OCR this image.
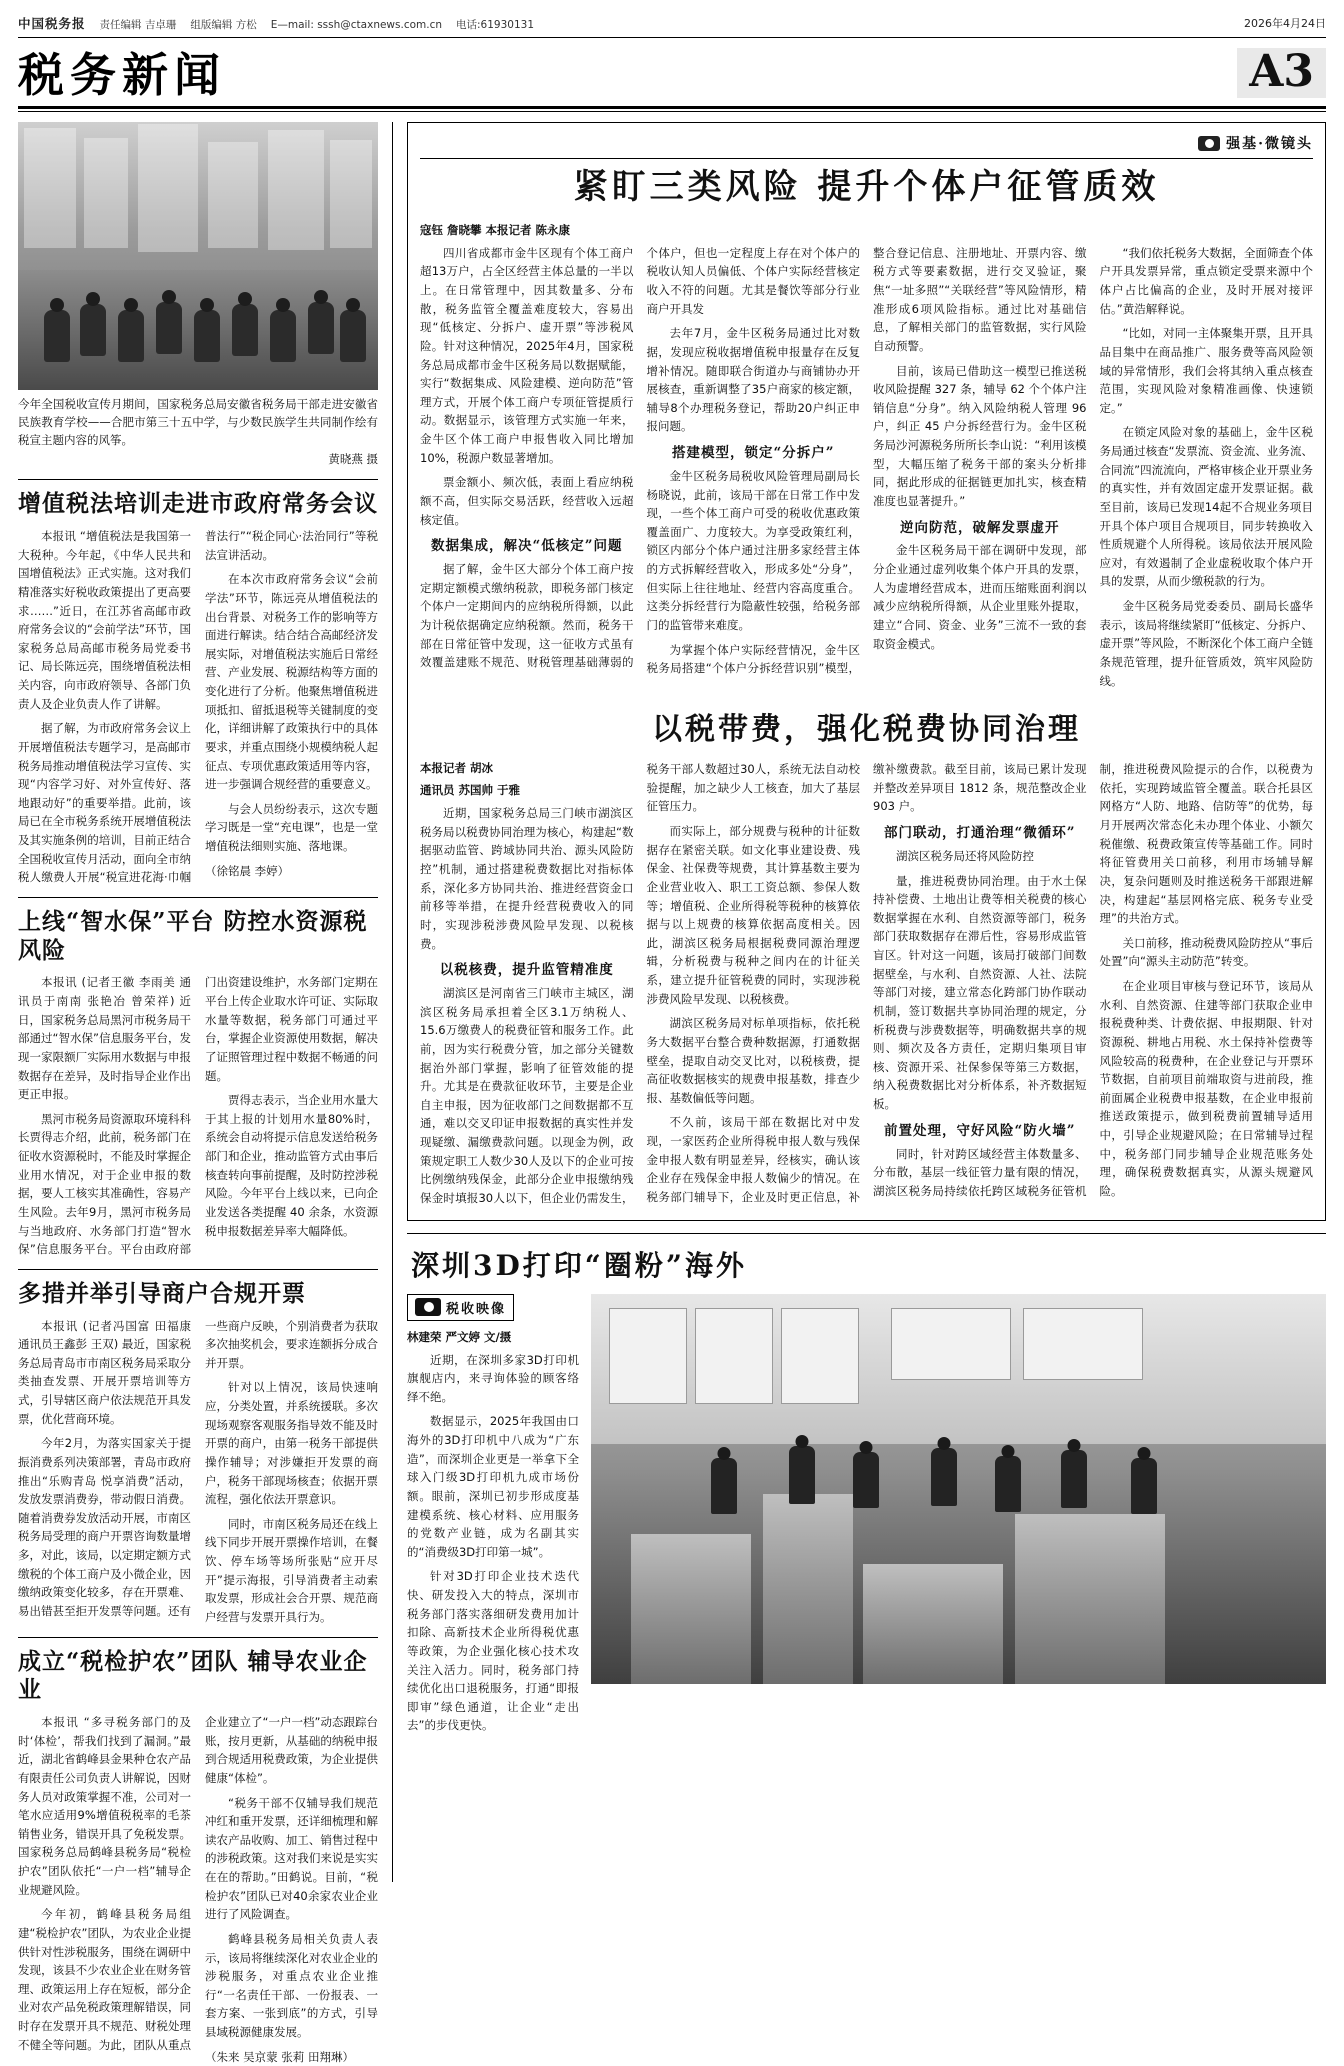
中国税务报 责任编辑 吉卓珊 组版编辑 方松 E—mail: sssh@ctaxnews.com.cn 电话:61930131	2026年4月24日
税务新闻	A3
今年全国税收宣传月期间，国家税务总局安徽省税务局干部走进安徽省民族教育学校——合肥市第三十五中学，与少数民族学生共同制作绘有税宣主题内容的风筝。
黄晓燕 摄
增值税法培训走进市政府常务会议

本报讯 “增值税法是我国第一大税种。今年起，《中华人民共和国增值税法》正式实施。这对我们精准落实好税收政策提出了更高要求……”近日，在江苏省高邮市政府常务会议的“会前学法”环节，国家税务总局高邮市税务局党委书记、局长陈远亮，围绕增值税法相关内容，向市政府领导、各部门负责人及企业负责人作了讲解。

据了解，为市政府常务会议上开展增值税法专题学习，是高邮市税务局推动增值税法学习宣传、实现“内容学习好、对外宣传好、落地跟动好”的重要举措。此前，该局已在全市税务系统开展增值税法及其实施条例的培训，目前正结合全国税收宣传月活动，面向全市纳税人缴费人开展“税宣进花海·巾帼普法行”“税企同心·法治同行”等税法宣讲活动。

在本次市政府常务会议“会前学法”环节，陈远亮从增值税法的出台背景、对税务工作的影响等方面进行解读。结合结合高邮经济发展实际，对增值税法实施后日常经营、产业发展、税源结构等方面的变化进行了分析。他聚焦增值税进项抵扣、留抵退税等关键制度的变化，详细讲解了政策执行中的具体要求，并重点围绕小规模纳税人起征点、专项优惠政策适用等内容，进一步强调合规经营的重要意义。

与会人员纷纷表示，这次专题学习既是一堂“充电课”，也是一堂增值税法细则实施、落地课。

（徐铭晨 李婷）

上线“智水保”平台 防控水资源税风险

本报讯 (记者王徽 李雨美 通讯员于南南 张艳冶 曾荣祥) 近日，国家税务总局黑河市税务局干部通过“智水保”信息服务平台，发现一家限额厂实际用水数据与申报数据存在差异，及时指导企业作出更正申报。

黑河市税务局资源取环境科科长贾得志介绍，此前，税务部门在征收水资源税时，不能及时掌握企业用水情况，对于企业申报的数据，要人工核实其准确性，容易产生风险。去年9月，黑河市税务局与当地政府、水务部门打造“智水保”信息服务平台。平台由政府部门出资建设维护，水务部门定期在平台上传企业取水许可证、实际取水量等数据，税务部门可通过平台，掌握企业资源使用数据，解决了证照管理过程中数据不畅通的问题。

贾得志表示，当企业用水量大于其上报的计划用水量80%时，系统会自动将提示信息发送给税务部门和企业，推动监管方式由事后核查转向事前提醒，及时防控涉税风险。今年平台上线以来，已向企业发送各类提醒 40 余条，水资源税申报数据差异率大幅降低。

多措并举引导商户合规开票

本报讯 (记者冯国富 田福康 通讯员王鑫彭 王双) 最近，国家税务总局青岛市市南区税务局采取分类抽查发票、开展开票培训等方式，引导辖区商户依法规范开具发票，优化营商环境。

今年2月，为落实国家关于提振消费系列决策部署，青岛市政府推出“乐购青岛 悦享消费”活动，发放发票消费券，带动假日消费。随着消费券发放活动开展，市南区税务局受理的商户开票咨询数量增多，对此，该局，以定期定额方式缴税的个体工商户及小微企业，因缴纳政策变化较多，存在开票难、易出错甚至拒开发票等问题。还有一些商户反映，个别消费者为获取多次抽奖机会，要求连额拆分成合并开票。

针对以上情况，该局快速响应，分类处置，并系统援联。多次现场观察客观服务指导效不能及时开票的商户，由第一税务干部提供操作辅导；对涉嫌拒开发票的商户，税务干部现场核查；依据开票流程，强化依法开票意识。

同时，市南区税务局还在线上线下同步开展开票操作培训，在餐饮、停车场等场所张贴“应开尽开”提示海报，引导消费者主动索取发票，形成社会合开票、规范商户经营与发票开具行为。

成立“税检护农”团队 辅导农业企业

本报讯 “多寻税务部门的及时‘体检’，帮我们找到了漏洞。”最近，湖北省鹤峰县金果种仓农产品有限责任公司负责人讲解说，因财务人员对政策掌握不准，公司对一笔水应适用9%增值税税率的毛茶销售业务，错误开具了免税发票。国家税务总局鹤峰县税务局“税检护农”团队依托“一户一档”辅导企业规避风险。

今年初，鹤峰县税务局组建“税检护农”团队，为农业企业提供针对性涉税服务，围绕在调研中发现，该县不少农业企业在财务管理、政策运用上存在短板，部分企业对农产品免税政策理解错误，同时存在发票开具不规范、财税处理不健全等问题。为此，团队从重点企业建立了“一户一档”动态跟踪台账，按月更新，从基础的纳税申报到合规适用税费政策，为企业提供健康“体检”。

“税务干部不仅辅导我们规范冲红和重开发票，还详细梳理和解读农产品收购、加工、销售过程中的涉税政策。这对我们来说是实实在在的帮助。”田鹤说。目前，“税检护农”团队已对40余家农业企业进行了风险调查。

鹤峰县税务局相关负责人表示，该局将继续深化对农业企业的涉税服务，对重点农业企业推行“一名责任干部、一份报表、一套方案、一张到底”的方式，引导县域税源健康发展。

（朱来 吴京蒙 张莉 田翔琳）

强基·微镜头
紧盯三类风险 提升个体户征管质效
寇钰 詹晓攀 本报记者 陈永康

四川省成都市金牛区现有个体工商户超13万户，占全区经营主体总量的一半以上。在日常管理中，因其数量多、分布散，税务监管全覆盖难度较大，容易出现“低核定、分拆户、虚开票”等涉税风险。针对这种情况，2025年4月，国家税务总局成都市金牛区税务局以数据赋能，实行“数据集成、风险建模、逆向防范”管理方式，开展个体工商户专项征管提质行动。数据显示，该管理方式实施一年来，金牛区个体工商户申报售收入同比增加10%，税源户数显著增加。

票金额小、频次低，表面上看应纳税额不高，但实际交易活跃，经营收入远超核定值。

数据集成，解决“低核定”问题

据了解，金牛区大部分个体工商户按定期定额模式缴纳税款，即税务部门核定个体户一定期间内的应纳税所得额，以此为计税依据确定应纳税额。然而，税务干部在日常征管中发现，这一征收方式虽有效覆盖建账不规范、财税管理基础薄弱的个体户，但也一定程度上存在对个体户的税收认知人员偏低、个体户实际经营核定收入不符的问题。尤其是餐饮等部分行业商户开具发

去年7月，金牛区税务局通过比对数据，发现应税收据增值税申报量存在反复增补情况。随即联合街道办与商铺协办开展核查，重新调整了35户商家的核定额，辅导8个办理税务登记，帮助20户纠正申报问题。

搭建模型，锁定“分拆户”

金牛区税务局税收风险管理局副局长杨晓说，此前，该局干部在日常工作中发现，一些个体工商户可受的税收优惠政策覆盖面广、力度较大。为享受政策红利，锁区内部分个体户通过注册多家经营主体的方式拆解经营收入，形成多处“分身”，但实际上往往地址、经营内容高度重合。这类分拆经营行为隐蔽性较强，给税务部门的监管带来难度。

为掌握个体户实际经营情况，金牛区税务局搭建“个体户分拆经营识别”模型，整合登记信息、注册地址、开票内容、缴税方式等要素数据，进行交叉验证，聚焦“一址多照”“关联经营”等风险情形，精准形成6项风险指标。通过比对基础信息，了解相关部门的监管数据，实行风险自动预警。

目前，该局已借助这一模型已推送税收风险提醒 327 条，辅导 62 个个体户注销信息“分身”。纳入风险纳税人管理 96 户，纠正 45 户分拆经营行为。金牛区税务局沙河源税务所所长李山说：“利用该模型，大幅压缩了税务干部的案头分析排同，据此形成的征据链更加扎实，核查精准度也显著提升。”

逆向防范，破解发票虚开

金牛区税务局干部在调研中发现，部分企业通过虚列收集个体户开具的发票，人为虚增经营成本，进而压缩账面利润以减少应纳税所得额，从企业里账外提取，建立“合同、资金、业务”三流不一致的套取资金模式。

“我们依托税务大数据，全面筛查个体户开具发票异常，重点锁定受票来源中个体户占比偏高的企业，及时开展对接评估。”黄浩解释说。

“比如，对同一主体聚集开票，且开具品目集中在商品推广、服务费等高风险领域的异常情形，我们会将其纳入重点核查范围，实现风险对象精准画像、快速锁定。”

在锁定风险对象的基础上，金牛区税务局通过核查“发票流、资金流、业务流、合同流”四流流向，严格审核企业开票业务的真实性，并有效固定虚开发票证据。截至目前，该局已发现14起不合规业务项目开具个体户项目合规项目，同步转换收入性质规避个人所得税。该局依法开展风险应对，有效遏制了企业虚税收取个体户开具的发票，从而少缴税款的行为。

金牛区税务局党委委员、副局长盛华表示，该局将继续紧盯“低核定、分拆户、虚开票”等风险，不断深化个体工商户全链条规范管理，提升征管质效，筑牢风险防线。

以税带费，强化税费协同治理
本报记者 胡冰
通讯员 苏国帅 于雅

近期，国家税务总局三门峡市湖滨区税务局以税费协同治理为核心，构建起“数据驱动监管、跨域协同共治、源头风险防控”机制，通过搭建税费数据比对指标体系，深化多方协同共治、推进经营资金口前移等举措，在提升经营税费收入的同时，实现涉税涉费风险早发现、以税核费。

以税核费，提升监管精准度

湖滨区是河南省三门峡市主城区，湖滨区税务局承担着全区3.1万纳税人、15.6万缴费人的税费征管和服务工作。此前，因为实行税费分管，加之部分关键数据治外部门掌握，影响了征管效能的提升。尤其是在费款征收环节，主要是企业自主申报，因为征收部门之间数据都不互通，难以交叉印证申报数据的真实性并发现疑缴、漏缴费款问题。以现金为例，政策规定职工人数少30人及以下的企业可按比例缴纳残保金，此部分企业申报缴纳残保金时填报30人以下，但企业仍需发生，税务干部人数超过30人，系统无法自动校验提醒，加之缺少人工核查，加大了基层征管压力。

而实际上，部分规费与税种的计征数据存在紧密关联。如文化事业建设费、残保金、社保费等规费，其计算基数主要为企业营业收入、职工工资总额、参保人数等；增值税、企业所得税等税种的核算依据与以上规费的核算依据高度相关。因此，湖滨区税务局根据税费同源治理逻辑，分析税费与税种之间内在的计征关系，建立提升征管税费的同时，实现涉税涉费风险早发现、以税核费。

湖滨区税务局对标单项指标，依托税务大数据平台整合费种数据源，打通数据壁垒，提取自动交叉比对，以税核费，提高征收数据核实的规费申报基数，排查少报、基数偏低等问题。

不久前，该局干部在数据比对中发现，一家医药企业所得税申报人数与残保金申报人数有明显差异，经核实，确认该企业存在残保金申报人数偏少的情况。在税务部门辅导下，企业及时更正信息，补缴补缴费款。截至目前，该局已累计发现并整改差异项目 1812 条，规范整改企业 903 户。

部门联动，打通治理“微循环”

湖滨区税务局还将风险防控

量，推进税费协同治理。由于水土保持补偿费、土地出让费等相关税费的核心数据掌握在水利、自然资源等部门，税务部门获取数据存在滞后性，容易形成监管盲区。针对这一问题，该局打破部门间数据壁垒，与水利、自然资源、人社、法院等部门对接，建立常态化跨部门协作联动机制，签订数据共享协同治理的规定，分析税费与涉费数据等，明确数据共享的规则、频次及各方责任，定期归集项目审核、资源开采、社保参保等第三方数据，纳入税费数据比对分析体系，补齐数据短板。

前置处理，守好风险“防火墙”

同时，针对跨区域经营主体数量多、分布散，基层一线征管力量有限的情况，湖滨区税务局持续依托跨区域税务征管机制，推进税费风险提示的合作，以税费为依托，实现跨域监管全覆盖。联合托县区网格方“人防、地路、信防等”的优势，每月开展两次常态化未办理个体业、小额欠税催缴、税费政策宣传等基础工作。同时将征管费用关口前移，利用市场辅导解决，复杂问题则及时推送税务干部跟进解决，构建起“基层网格完底、税务专业受理”的共治方式。

关口前移，推动税费风险防控从“事后处置”向“源头主动防范”转变。

在企业项目审核与登记环节，该局从水利、自然资源、住建等部门获取企业申报税费种类、计费依据、申报期限、针对资源税、耕地占用税、水土保持补偿费等风险较高的税费种，在企业登记与开票环节数据，自前项目前端取资与进前段，推前面属企业税费申报基数，在企业申报前推送政策提示，做到税费前置辅导适用中，引导企业规避风险；在日常辅导过程中，税务部门同步辅导企业规范账务处理，确保税费数据真实，从源头规避风险。

深圳3D打印“圈粉”海外
税收映像
林建荣 严文婷 文/摄

近期，在深圳多家3D打印机旗舰店内，来寻询体验的顾客络绎不绝。

数据显示，2025年我国由口海外的3D打印机中八成为“广东造”，而深圳企业更是一举拿下全球入门级3D打印机九成市场份额。眼前，深圳已初步形成度基建模系统、核心材料、应用服务的党数产业链，成为名副其实的“消费级3D打印第一城”。

针对3D打印企业技术迭代快、研发投入大的特点，深圳市税务部门落实落细研发费用加计扣除、高新技术企业所得税优惠等政策，为企业强化核心技术攻关注入活力。同时，税务部门持续优化出口退税服务，打通“即报即审”绿色通道，让企业“走出去”的步伐更快。
